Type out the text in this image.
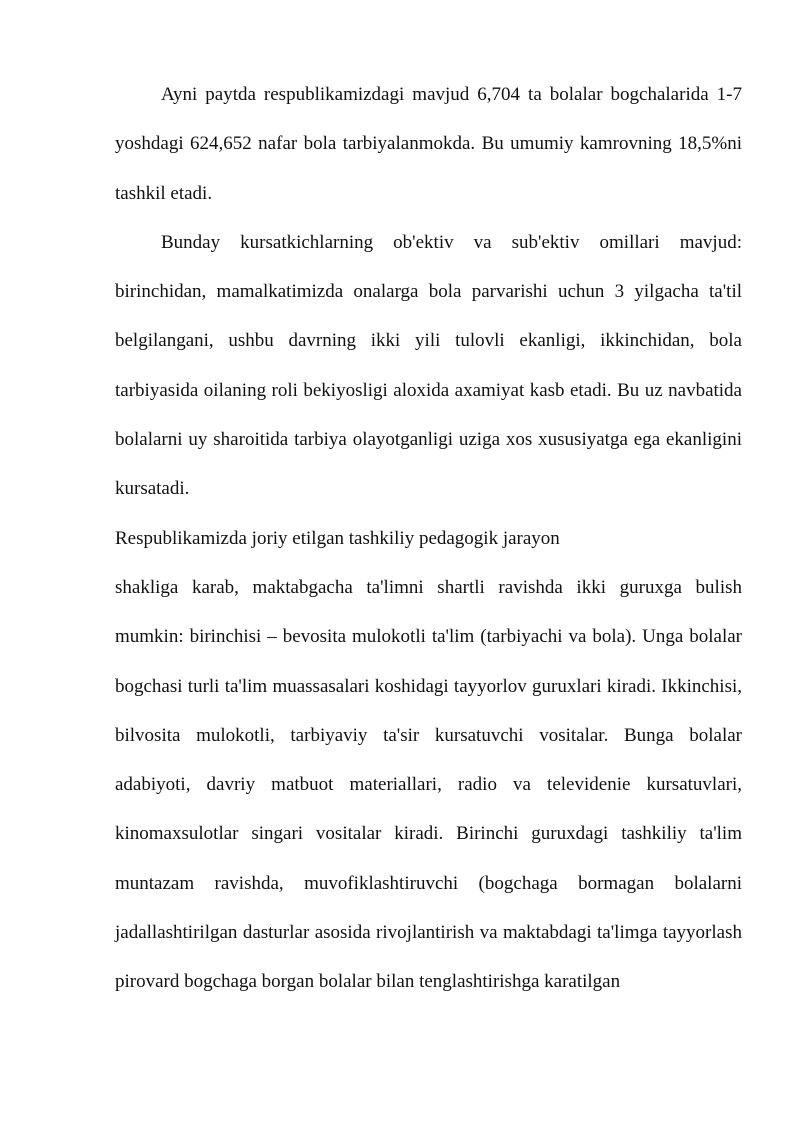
Ayni paytda respublikamizdagi mavjud 6,704 ta bolalar bogchalarida 1-7 yoshdagi 624,652 nafar bola tarbiyalanmokda. Bu umumiy kamrovning 18,5%ni tashkil etadi.

Bunday kursatkichlarning ob'ektiv va sub'ektiv omillari mavjud: birinchidan, mamalkatimizda onalarga bola parvarishi uchun 3 yilgacha ta'til belgilangani, ushbu davrning ikki yili tulovli ekanligi, ikkinchidan, bola tarbiyasida oilaning roli bekiyosligi aloxida axamiyat kasb etadi. Bu uz navbatida bolalarni uy sharoitida tarbiya olayotganligi uziga xos xususiyatga ega ekanligini kursatadi.

Respublikamizda joriy etilgan tashkiliy pedagogik jarayon

shakliga karab, maktabgacha ta'limni shartli ravishda ikki guruxga bulish mumkin: birinchisi – bevosita mulokotli ta'lim (tarbiyachi va bola). Unga bolalar bogchasi turli ta'lim muassasalari koshidagi tayyorlov guruxlari kiradi. Ikkinchisi, bilvosita mulokotli, tarbiyaviy ta'sir kursatuvchi vositalar. Bunga bolalar adabiyoti, davriy matbuot materiallari, radio va televidenie kursatuvlari, kinomaxsulotlar singari vositalar kiradi. Birinchi guruxdagi tashkiliy ta'lim muntazam ravishda, muvofiklashtiruvchi (bogchaga bormagan bolalarni jadallashtirilgan dasturlar asosida rivojlantirish va maktabdagi ta'limga tayyorlash pirovard bogchaga borgan bolalar bilan tenglashtirishga karatilgan
